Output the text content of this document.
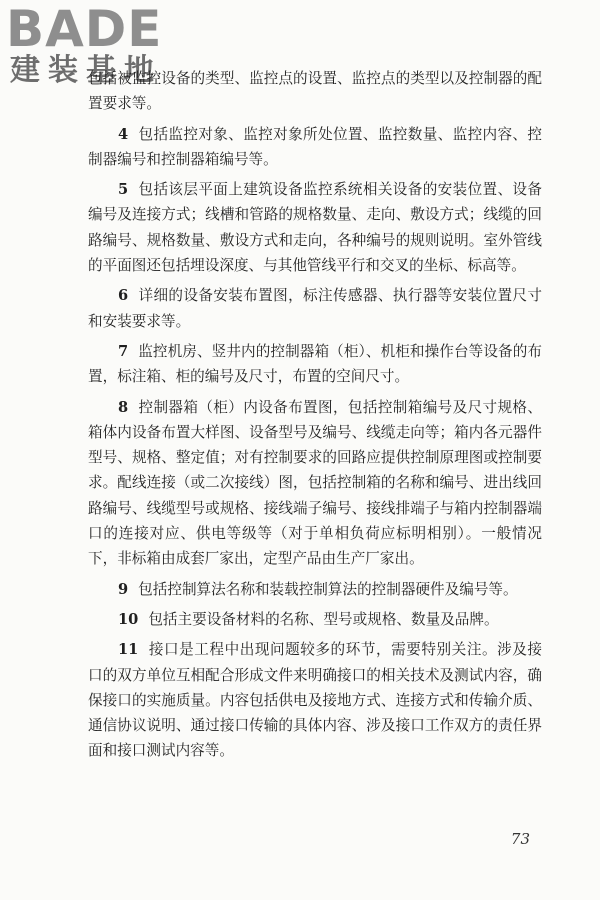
BADE
建装基地

包括被监控设备的类型、监控点的设置、监控点的类型以及控制器的配置要求等。

4 包括监控对象、监控对象所处位置、监控数量、监控内容、控制器编号和控制器箱编号等。

5 包括该层平面上建筑设备监控系统相关设备的安装位置、设备编号及连接方式；线槽和管路的规格数量、走向、敷设方式；线缆的回路编号、规格数量、敷设方式和走向，各种编号的规则说明。室外管线的平面图还包括埋设深度、与其他管线平行和交叉的坐标、标高等。

6 详细的设备安装布置图，标注传感器、执行器等安装位置尺寸和安装要求等。

7 监控机房、竖井内的控制器箱（柜）、机柜和操作台等设备的布置，标注箱、柜的编号及尺寸，布置的空间尺寸。

8 控制器箱（柜）内设备布置图，包括控制箱编号及尺寸规格、箱体内设备布置大样图、设备型号及编号、线缆走向等；箱内各元器件型号、规格、整定值；对有控制要求的回路应提供控制原理图或控制要求。配线连接（或二次接线）图，包括控制箱的名称和编号、进出线回路编号、线缆型号或规格、接线端子编号、接线排端子与箱内控制器端口的连接对应、供电等级等（对于单相负荷应标明相别）。一般情况下，非标箱由成套厂家出，定型产品由生产厂家出。

9 包括控制算法名称和装载控制算法的控制器硬件及编号等。

10 包括主要设备材料的名称、型号或规格、数量及品牌。

11 接口是工程中出现问题较多的环节，需要特别关注。涉及接口的双方单位互相配合形成文件来明确接口的相关技术及测试内容，确保接口的实施质量。内容包括供电及接地方式、连接方式和传输介质、通信协议说明、通过接口传输的具体内容、涉及接口工作双方的责任界面和接口测试内容等。

73
